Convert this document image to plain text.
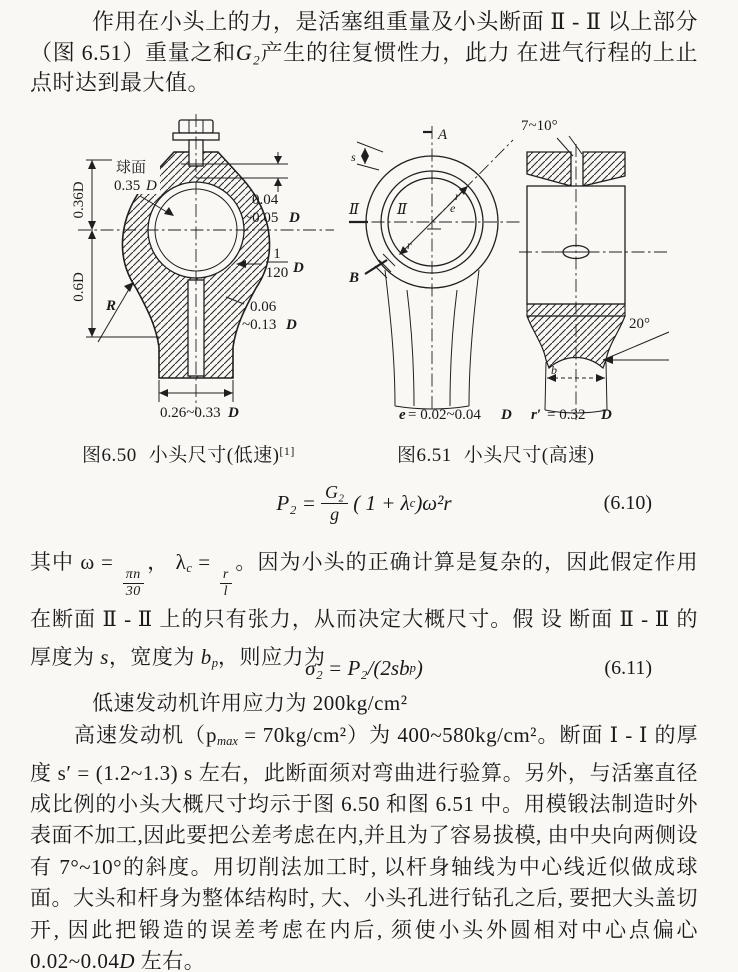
作用在小头上的力，是活塞组重量及小头断面 Ⅱ - Ⅱ 以上部分（图 6.51）重量之和G₂产生的往复惯性力，此力 在进气行程的上止点时达到最大值。

0.04
~0.05 D
0.36D
0.6D
球面
0.35 D
1
120 D
0.06
~0.13 D
R
0.26~0.33 D
Ⅱ	Ⅱ
A
B
s
r
r
e
7~10°
20°
b
e = 0.02~0.04 D r′ = 0.32 D
图6.50 小头尺寸(低速)[1]	图6.51 小头尺寸(高速)
$P_2 = \frac{\text{G₂}}{g}$ ( 1 + λ c )ω²r	(6.10)

其中 ω =
$\frac{\pi n}{30}$
， λc =
$\frac{r}{l}$
。因为小头的正确计算是复杂的，因此假定作用在断面 Ⅱ - Ⅱ 上的只有张力，从而决定大概尺寸。假 设 断面 Ⅱ - Ⅱ 的厚度为 s，宽度为 bp，则应力为

σ₂ = P₂/(2s b p )	(6.11)

低速发动机许用应力为 200kg/cm²

高速发动机（pmax = 70kg/cm²）为 400~580kg/cm²。断面 Ⅰ - Ⅰ 的厚度 s′ = (1.2~1.3) s 左右，此断面须对弯曲进行验算。另外，与活塞直径成比例的小头大概尺寸均示于图 6.50 和图 6.51 中。用模锻法制造时外表面不加工,因此要把公差考虑在内,并且为了容易拔模, 由中央向两侧设有 7°~10°的斜度。用切削法加工时, 以杆身轴线为中心线近似做成球面。大头和杆身为整体结构时, 大、小头孔进行钻孔之后, 要把大头盖切开, 因此把锻造的误差考虑在内后, 须使小头外圆相对中心点偏心 0.02~0.04D 左右。
